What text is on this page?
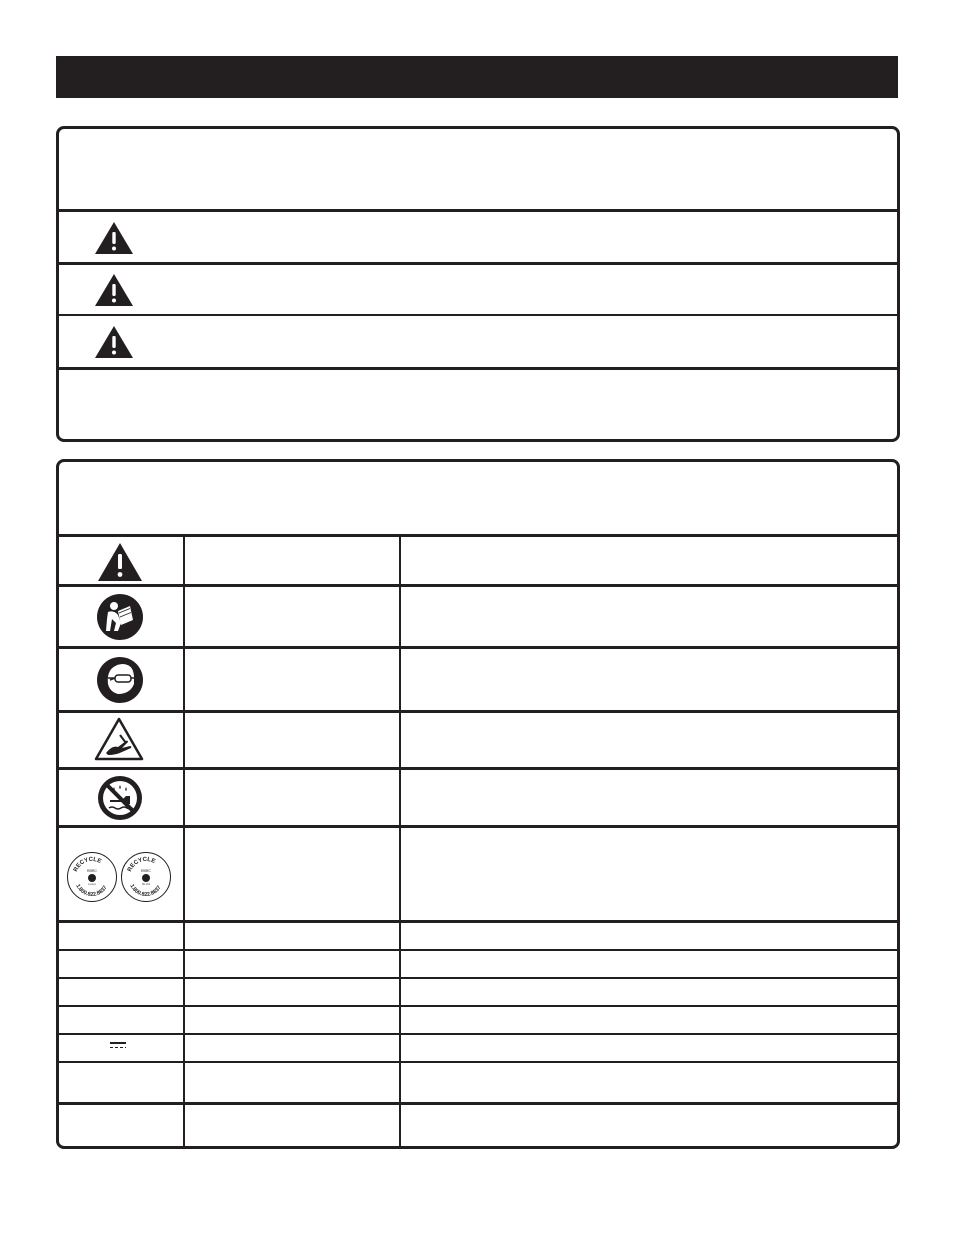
RECYCLE
RBRC
Li-ion
1.800.822.8837
RECYCLE
RBRC
Ni-Cd
1.800.822.8837
